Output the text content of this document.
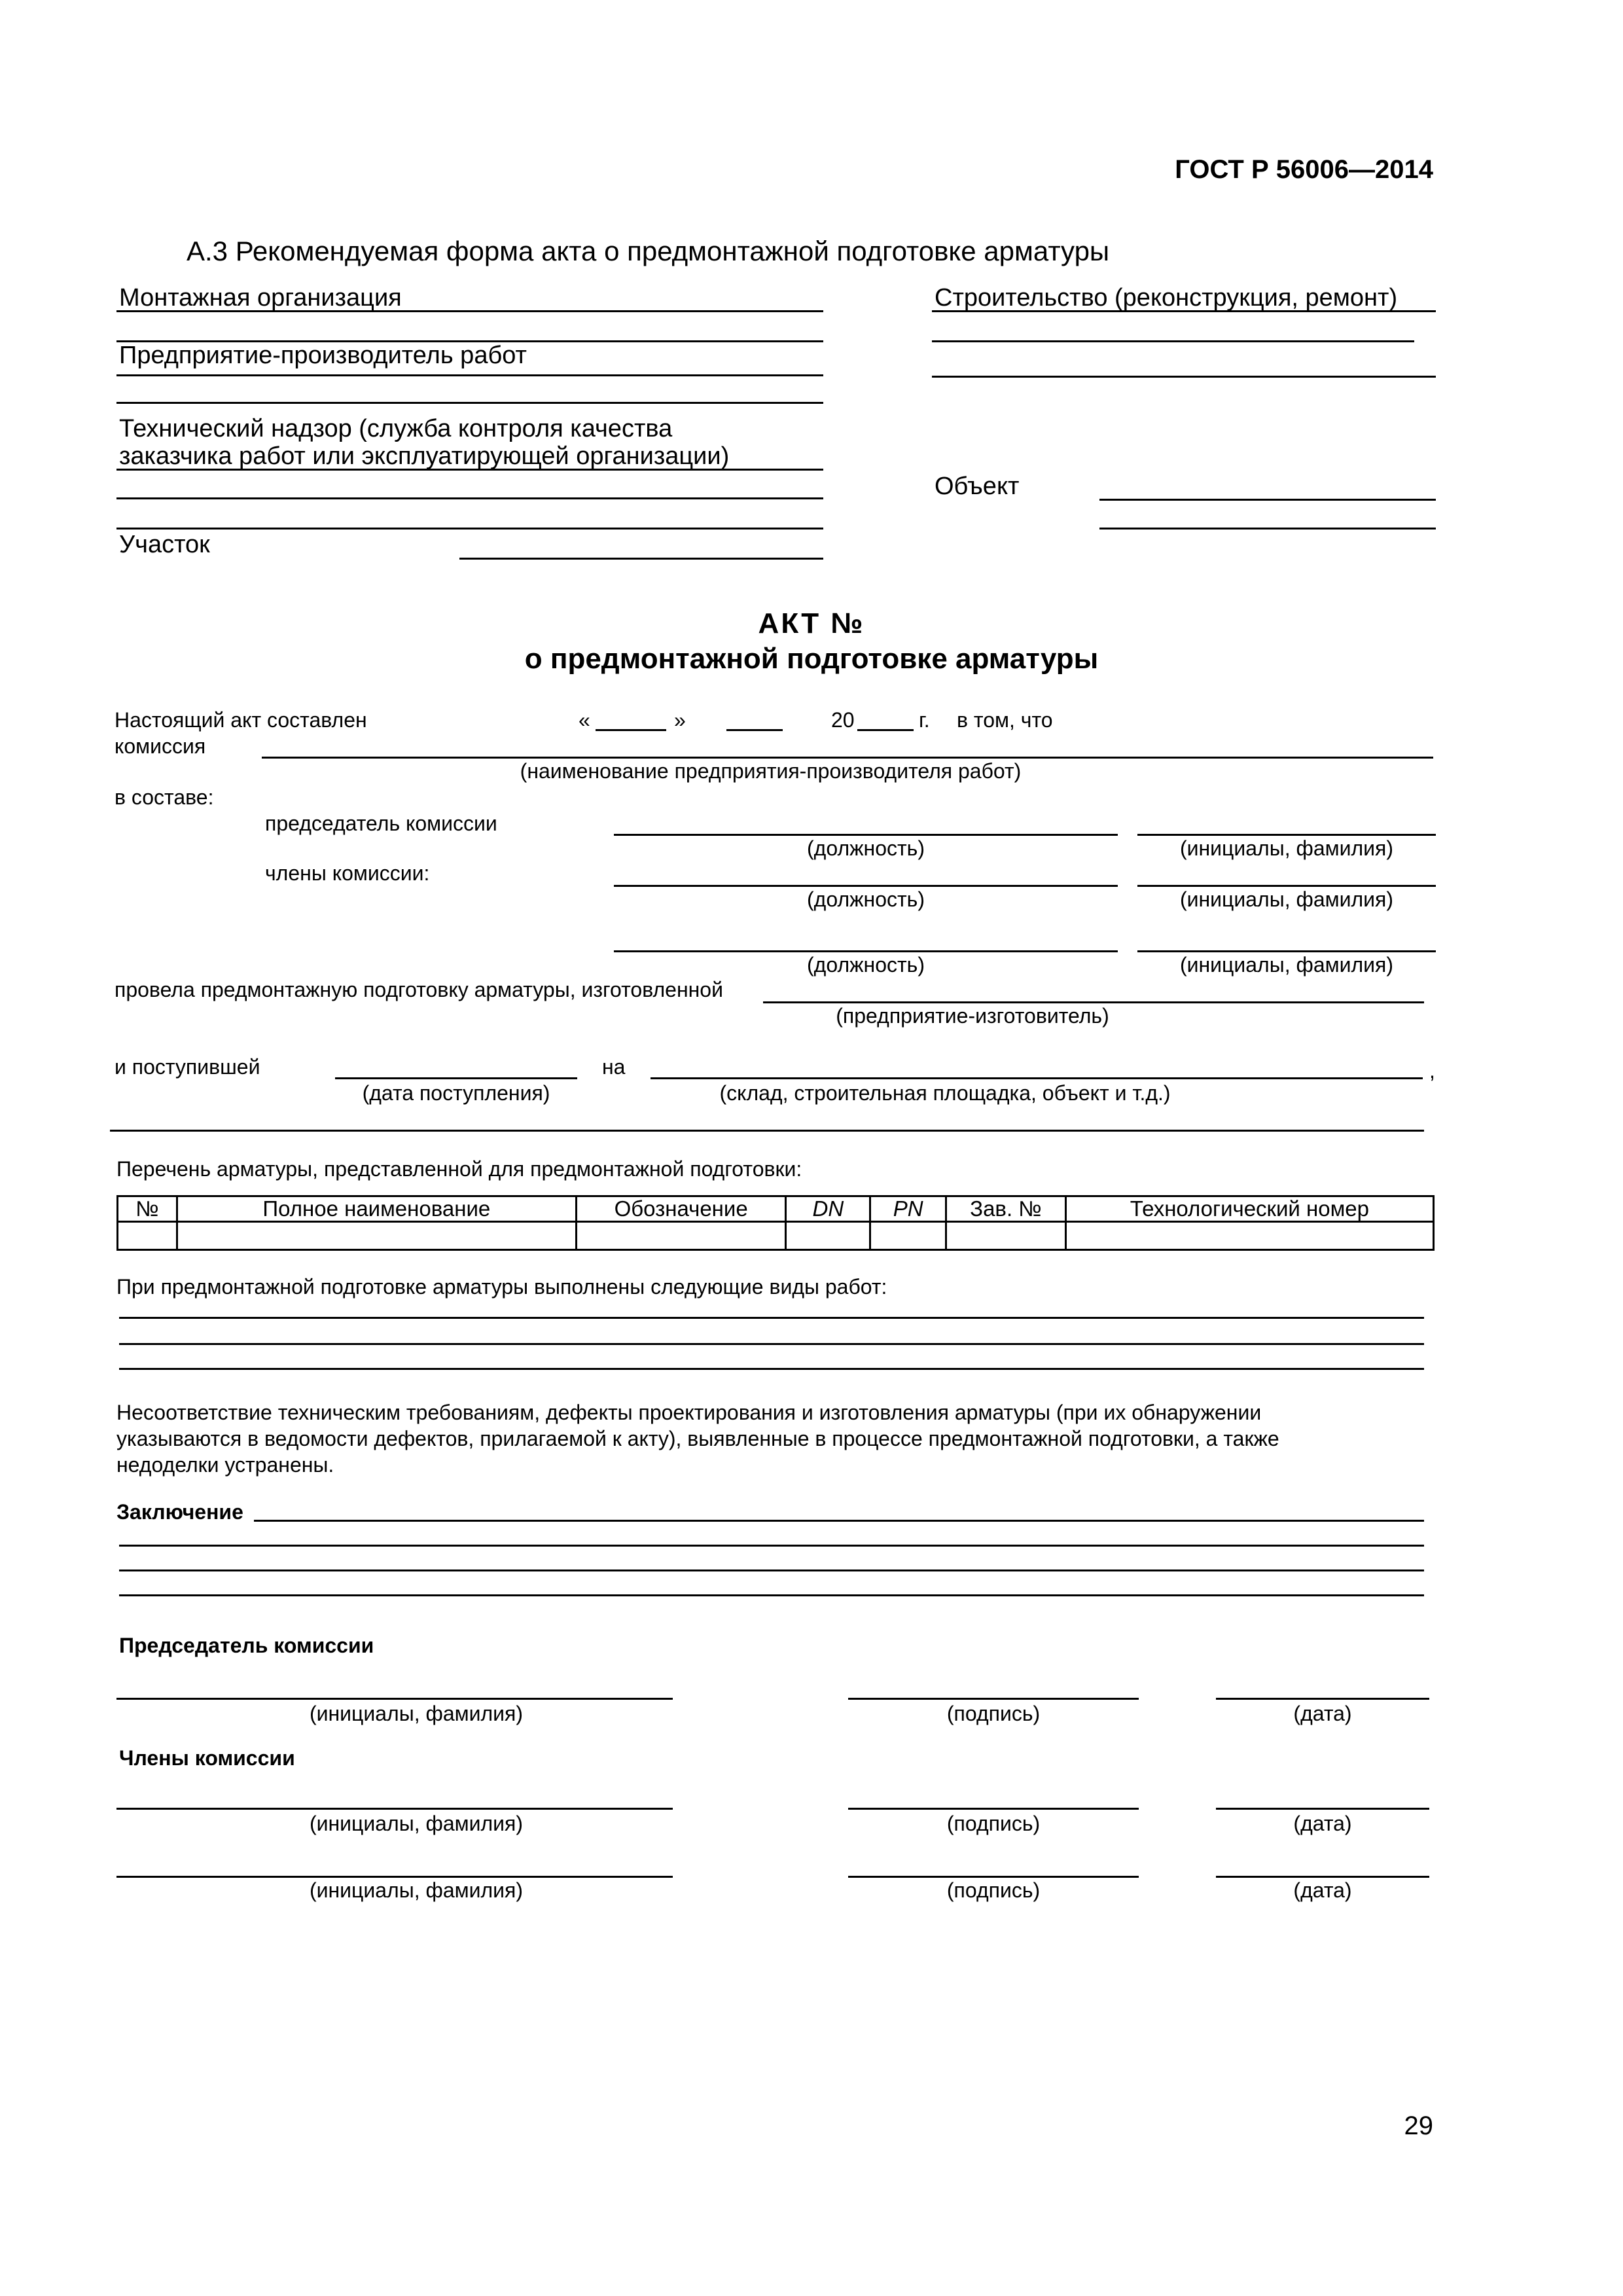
ГОСТ Р 56006—2014
А.3 Рекомендуемая форма акта о предмонтажной подготовке арматуры
Монтажная организация	Строительство (реконструкция, ремонт)
Предприятие-производитель работ
Технический надзор (служба контроля качества
заказчика работ или эксплуатирующей организации)
Объект
Участок
АКТ №
о предмонтажной подготовке арматуры
Настоящий акт составлен	«	»	20	г. в том, что
комиссия
(наименование предприятия-производителя работ)
в составе:
председатель комиссии
(должность)	(инициалы, фамилия)
члены комиссии:
(должность)	(инициалы, фамилия)
(должность)	(инициалы, фамилия)
провела предмонтажную подготовку арматуры, изготовленной
(предприятие-изготовитель)
и поступившей
(дата поступления)
на	,
(склад, строительная площадка, объект и т.д.)
Перечень арматуры, представленной для предмонтажной подготовки:
№	Полное наименование	Обозначение	DN	PN	Зав. №	Технологический номер

При предмонтажной подготовке арматуры выполнены следующие виды работ:
Несоответствие техническим требованиям, дефекты проектирования и изготовления арматуры (при их обнаружении
указываются в ведомости дефектов, прилагаемой к акту), выявленные в процессе предмонтажной подготовки, а также
недоделки устранены.
Заключение
Председатель комиссии
(инициалы, фамилия)	(подпись)	(дата)
Члены комиссии
(инициалы, фамилия)	(подпись)	(дата)
(инициалы, фамилия)	(подпись)	(дата)
29
